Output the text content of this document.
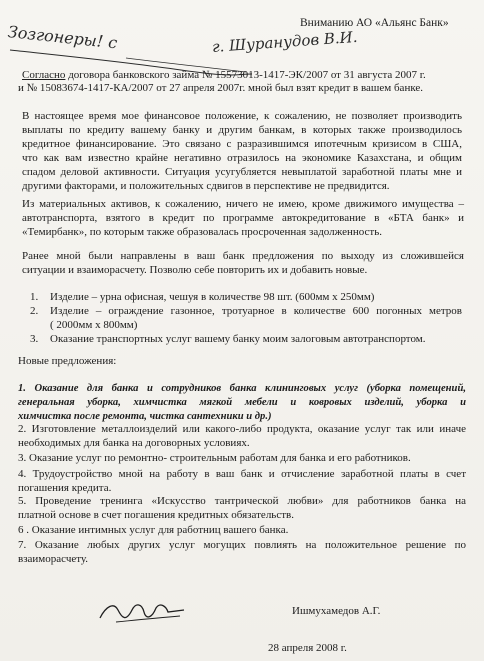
Вниманию АО «Альянс Банк»
Зозгонеры! с	г. Шуранудов В.И.
Согласно договора банковского займа № 15573013-1417-ЭК/2007 от 31 августа 2007 г.
и № 15083674-1417-КА/2007 от 27 апреля 2007г. мной был взят кредит в вашем банке.
В настоящее время мое финансовое положение, к сожалению, не позволяет производить
выплаты по кредиту вашему банку и другим банкам, в которых также производилось
кредитное финансирование. Это связано с разразившимся ипотечным кризисом в США,
что как вам известно крайне негативно отразилось на экономике Казахстана, и общим
спадом деловой активности. Ситуация усугубляется невыплатой заработной платы мне и
другими факторами, и положительных сдвигов в перспективе не предвидится.
Из материальных активов, к сожалению, ничего не имею, кроме движимого имущества –
автотранспорта, взятого в кредит по программе автокредитование в «БТА банк» и
«Темирбанк», по которым также образовалась просроченная задолженность.
Ранее мной были направлены в ваш банк предложения по выходу из сложившейся
ситуации и взаиморасчету. Позволю себе повторить их и добавить новые.
1. Изделие – урна офисная, чешуя в количестве 98 шт. (600мм х 250мм)
2. Изделие – ограждение газонное, тротуарное в количестве 600 погонных метров
( 2000мм х 800мм)
3. Оказание транспортных услуг вашему банку моим залоговым автотранспортом.
Новые предложения:
1. Оказание для банка и сотрудников банка клининговых услуг (уборка помещений,
генеральная уборка, химчистка мягкой мебели и ковровых изделий, уборка и
химчистка после ремонта, чистка сантехники и др.)
2. Изготовление металлоизделий или какого-либо продукта, оказание услуг так или иначе
необходимых для банка на договорных условиях.
3. Оказание услуг по ремонтно- строительным работам для банка и его работников.
4. Трудоустройство мной на работу в ваш банк и отчисление заработной платы в счет
погашения кредита.
5. Проведение тренинга «Искусство тантрической любви» для работников банка на
платной основе в счет погашения кредитных обязательств.
6 . Оказание интимных услуг для работниц вашего банка.
7. Оказание любых других услуг могущих повлиять на положительное решение по
взаиморасчету.
Ишмухамедов А.Г.
28 апреля 2008 г.
